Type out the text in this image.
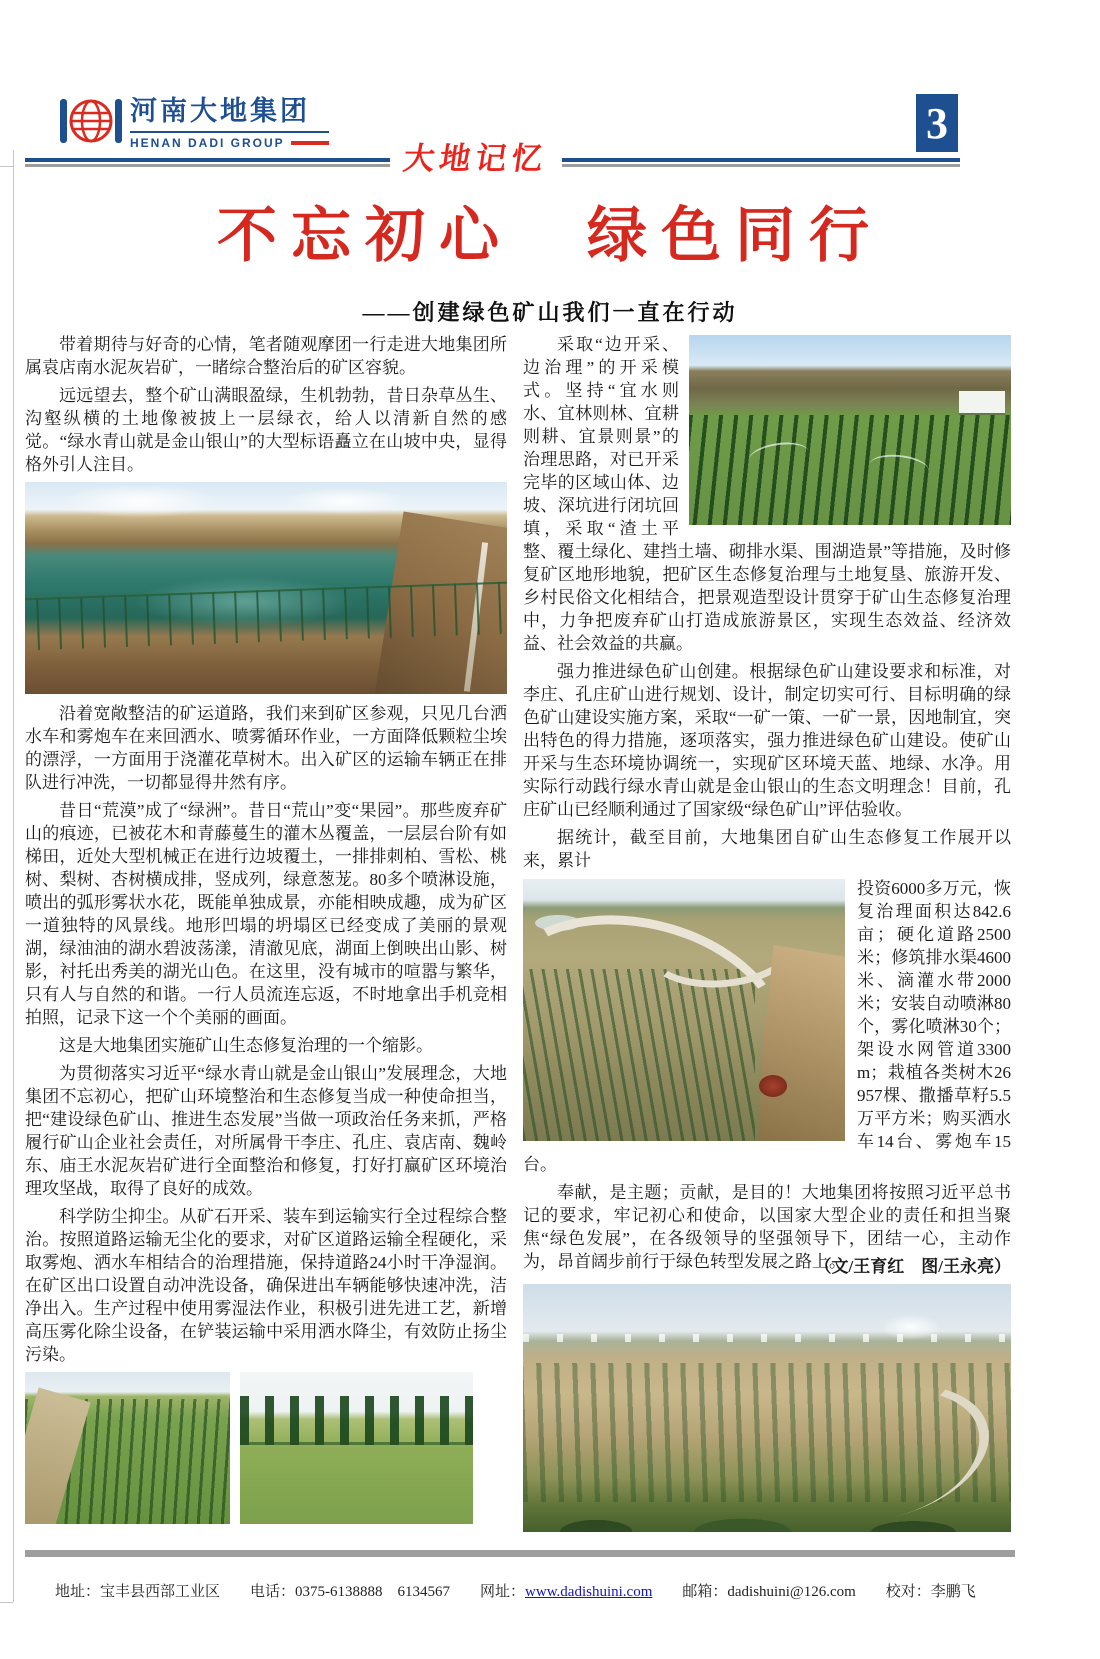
河南大地集团
HENAN DADI GROUP	大地记忆
3
不忘初心　绿色同行
——创建绿色矿山我们一直在行动

带着期待与好奇的心情，笔者随观摩团一行走进大地集团所属袁店南水泥灰岩矿，一睹综合整治后的矿区容貌。

远远望去，整个矿山满眼盈绿，生机勃勃，昔日杂草丛生、沟壑纵横的土地像被披上一层绿衣，给人以清新自然的感觉。“绿水青山就是金山银山”的大型标语矗立在山坡中央，显得格外引人注目。

沿着宽敞整洁的矿运道路，我们来到矿区参观，只见几台洒水车和雾炮车在来回洒水、喷雾循环作业，一方面降低颗粒尘埃的漂浮，一方面用于浇灌花草树木。出入矿区的运输车辆正在排队进行冲洗，一切都显得井然有序。

昔日“荒漠”成了“绿洲”。昔日“荒山”变“果园”。那些废弃矿山的痕迹，已被花木和青藤蔓生的灌木丛覆盖，一层层台阶有如梯田，近处大型机械正在进行边坡覆土，一排排刺柏、雪松、桃树、梨树、杏树横成排，竖成列，绿意葱茏。80多个喷淋设施，喷出的弧形雾状水花，既能单独成景，亦能相映成趣，成为矿区一道独特的风景线。地形凹塌的坍塌区已经变成了美丽的景观湖，绿油油的湖水碧波荡漾，清澈见底，湖面上倒映出山影、树影，衬托出秀美的湖光山色。在这里，没有城市的喧嚣与繁华，只有人与自然的和谐。一行人员流连忘返，不时地拿出手机竞相拍照，记录下这一个个美丽的画面。

这是大地集团实施矿山生态修复治理的一个缩影。

为贯彻落实习近平“绿水青山就是金山银山”发展理念，大地集团不忘初心，把矿山环境整治和生态修复当成一种使命担当，把“建设绿色矿山、推进生态发展”当做一项政治任务来抓，严格履行矿山企业社会责任，对所属骨干李庄、孔庄、袁店南、魏岭东、庙王水泥灰岩矿进行全面整治和修复，打好打赢矿区环境治理攻坚战，取得了良好的成效。

科学防尘抑尘。从矿石开采、装车到运输实行全过程综合整治。按照道路运输无尘化的要求，对矿区道路运输全程硬化，采取雾炮、洒水车相结合的治理措施，保持道路24小时干净湿润。在矿区出口设置自动冲洗设备，确保进出车辆能够快速冲洗，洁净出入。生产过程中使用雾湿法作业，积极引进先进工艺，新增高压雾化除尘设备，在铲装运输中采用洒水降尘，有效防止扬尘污染。

采取“边开采、边治理”的开采模式。坚持“宜水则水、宜林则林、宜耕则耕、宜景则景”的治理思路，对已开采完毕的区域山体、边坡、深坑进行闭坑回填，采取“渣土平整、覆土绿化、建挡土墙、砌排水渠、围湖造景”等措施，及时修复矿区地形地貌，把矿区生态修复治理与土地复垦、旅游开发、乡村民俗文化相结合，把景观造型设计贯穿于矿山生态修复治理中，力争把废弃矿山打造成旅游景区，实现生态效益、经济效益、社会效益的共赢。

强力推进绿色矿山创建。根据绿色矿山建设要求和标准，对李庄、孔庄矿山进行规划、设计，制定切实可行、目标明确的绿色矿山建设实施方案，采取“一矿一策、一矿一景，因地制宜，突出特色的得力措施，逐项落实，强力推进绿色矿山建设。使矿山开采与生态环境协调统一，实现矿区环境天蓝、地绿、水净。用实际行动践行绿水青山就是金山银山的生态文明理念！目前，孔庄矿山已经顺利通过了国家级“绿色矿山”评估验收。

据统计，截至目前，大地集团自矿山生态修复工作展开以来，累计

投资6000多万元，恢复治理面积达842.6亩；硬化道路2500米；修筑排水渠4600米、滴灌水带2000米；安装自动喷淋80个，雾化喷淋30个；架设水网管道3300m；栽植各类树木26957棵、撒播草籽5.5万平方米；购买洒水车14台、雾炮车15台。

奉献，是主题；贡献，是目的！大地集团将按照习近平总书记的要求，牢记初心和使命，以国家大型企业的责任和担当聚焦“绿色发展”，在各级领导的坚强领导下，团结一心，主动作为，昂首阔步前行于绿色转型发展之路上。

（文/王育红　图/王永亮）
地址：宝丰县西部工业区 电话：0375-6138888　6134567 网址：www.dadishuini.com 邮箱：dadishuini@126.com 校对：李鹏飞
